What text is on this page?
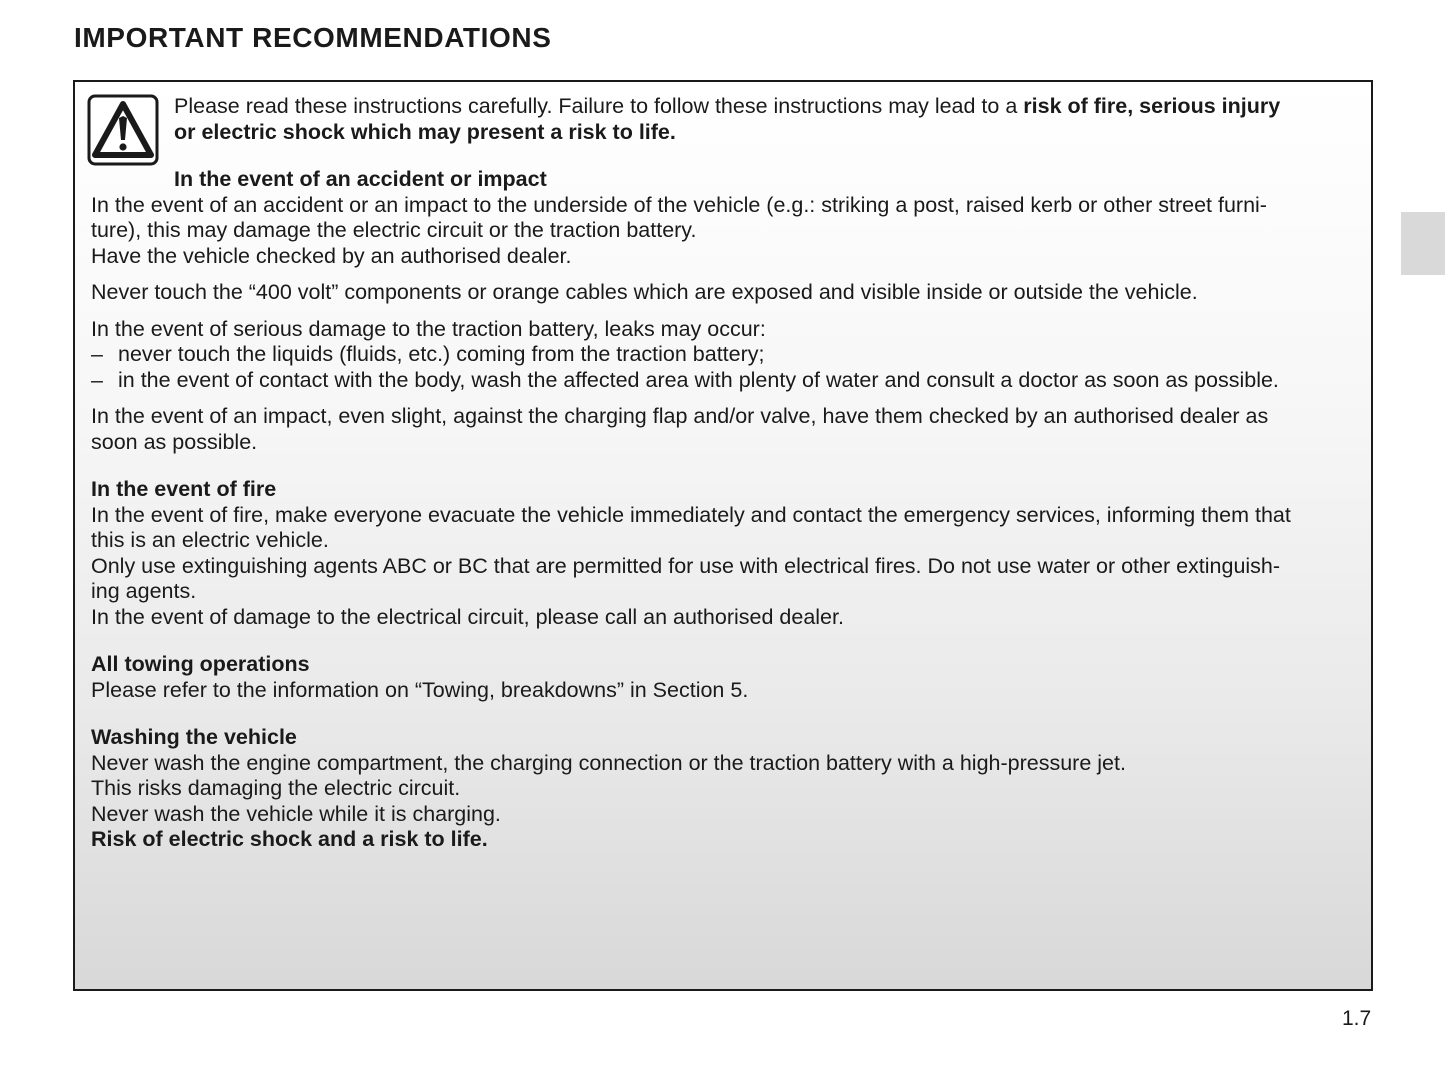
IMPORTANT RECOMMENDATIONS

Please read these instructions carefully. Failure to follow these instructions may lead to a risk of fire, serious injury

or electric shock which may present a risk to life.

In the event of an accident or impact

In the event of an accident or an impact to the underside of the vehicle (e.g.: striking a post, raised kerb or other street furni-

ture), this may damage the electric circuit or the traction battery.

Have the vehicle checked by an authorised dealer.

Never touch the “400 volt” components or orange cables which are exposed and visible inside or outside the vehicle.

In the event of serious damage to the traction battery, leaks may occur:

– never touch the liquids (fluids, etc.) coming from the traction battery;
– in the event of contact with the body, wash the affected area with plenty of water and consult a doctor as soon as possible.

In the event of an impact, even slight, against the charging flap and/or valve, have them checked by an authorised dealer as

soon as possible.

In the event of fire

In the event of fire, make everyone evacuate the vehicle immediately and contact the emergency services, informing them that

this is an electric vehicle.

Only use extinguishing agents ABC or BC that are permitted for use with electrical fires. Do not use water or other extinguish-

ing agents.

In the event of damage to the electrical circuit, please call an authorised dealer.

All towing operations

Please refer to the information on “Towing, breakdowns” in Section 5.

Washing the vehicle

Never wash the engine compartment, the charging connection or the traction battery with a high-pressure jet.

This risks damaging the electric circuit.

Never wash the vehicle while it is charging.

Risk of electric shock and a risk to life.

1.7
